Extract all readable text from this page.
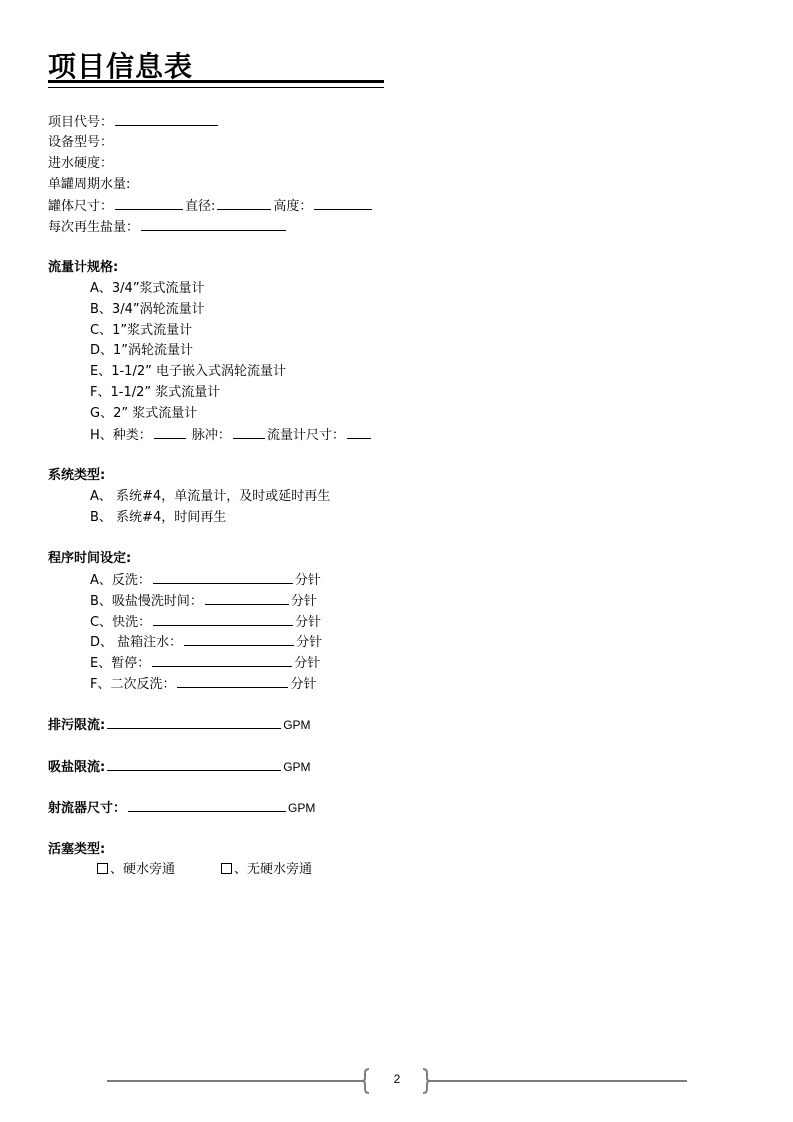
项目信息表
项目代号：
设备型号：
进水硬度：
单罐周期水量:
罐体尺寸：	直径:	高度：
每次再生盐量：
流量计规格:
A、3/4”浆式流量计
B、3/4”涡轮流量计
C、1”浆式流量计
D、1”涡轮流量计
E、1-1/2” 电子嵌入式涡轮流量计
F、1-1/2” 浆式流量计
G、2” 浆式流量计
H、种类：	脉冲：	流量计尺寸：
系统类型:
A、 系统#4，单流量计，及时或延时再生
B、 系统#4，时间再生
程序时间设定:
A、反洗：	分针
B、吸盐慢洗时间：	分针
C、快洗：	分针
D、 盐箱注水：	分针
E、暂停：	分针
F、二次反洗：	分针
排污限流:	GPM
吸盐限流:	GPM
射流器尺寸：	GPM
活塞类型:
、硬水旁通	、无硬水旁通
2
